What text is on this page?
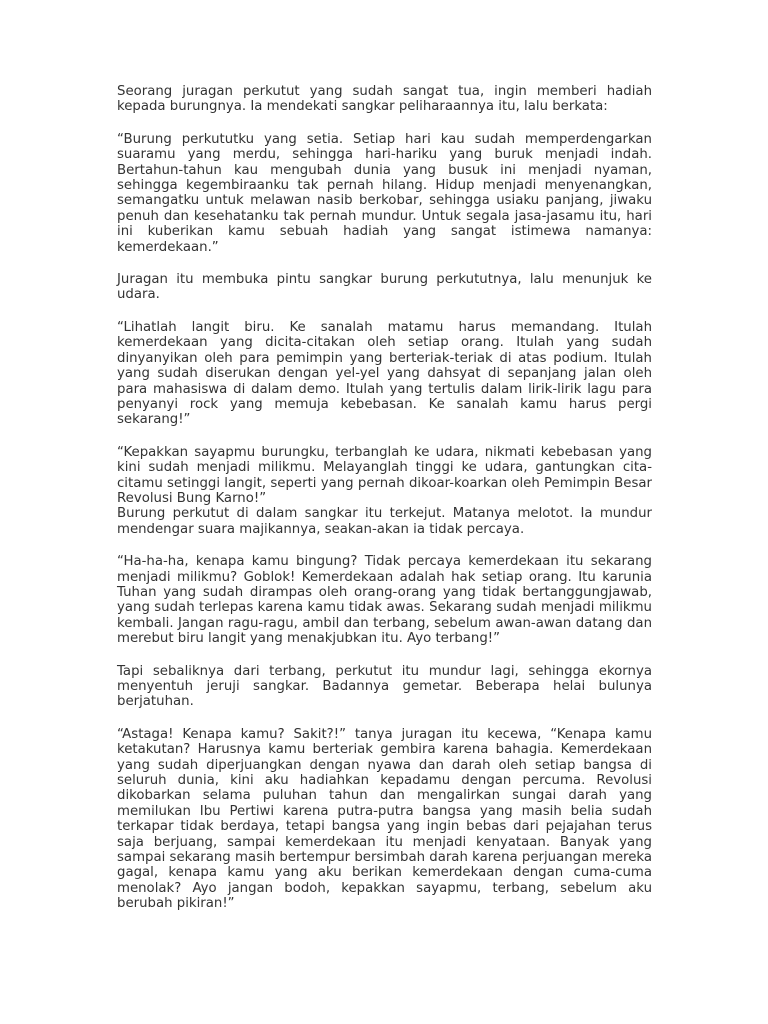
Seorang juragan perkutut yang sudah sangat tua, ingin memberi hadiah kepada burungnya. Ia mendekati sangkar peliharaannya itu, lalu berkata:

“Burung perkututku yang setia. Setiap hari kau sudah memperdengarkan suaramu yang merdu, sehingga hari-hariku yang buruk menjadi indah. Bertahun-tahun kau mengubah dunia yang busuk ini menjadi nyaman, sehingga kegembiraanku tak pernah hilang. Hidup menjadi menyenangkan, semangatku untuk melawan nasib berkobar, sehingga usiaku panjang, jiwaku penuh dan kesehatanku tak pernah mundur. Untuk segala jasa-jasamu itu, hari ini kuberikan kamu sebuah hadiah yang sangat istimewa namanya: kemerdekaan.”

Juragan itu membuka pintu sangkar burung perkututnya, lalu menunjuk ke udara.

“Lihatlah langit biru. Ke sanalah matamu harus memandang. Itulah kemerdekaan yang dicita-citakan oleh setiap orang. Itulah yang sudah dinyanyikan oleh para pemimpin yang berteriak-teriak di atas podium. Itulah yang sudah diserukan dengan yel-yel yang dahsyat di sepanjang jalan oleh para mahasiswa di dalam demo. Itulah yang tertulis dalam lirik-lirik lagu para penyanyi rock yang memuja kebebasan. Ke sanalah kamu harus pergi sekarang!”

“Kepakkan sayapmu burungku, terbanglah ke udara, nikmati kebebasan yang kini sudah menjadi milikmu. Melayanglah tinggi ke udara, gantungkan cita-citamu setinggi langit, seperti yang pernah dikoar-koarkan oleh Pemimpin Besar Revolusi Bung Karno!”

Burung perkutut di dalam sangkar itu terkejut. Matanya melotot. Ia mundur mendengar suara majikannya, seakan-akan ia tidak percaya.

“Ha-ha-ha, kenapa kamu bingung? Tidak percaya kemerdekaan itu sekarang menjadi milikmu? Goblok! Kemerdekaan adalah hak setiap orang. Itu karunia Tuhan yang sudah dirampas oleh orang-orang yang tidak bertanggungjawab, yang sudah terlepas karena kamu tidak awas. Sekarang sudah menjadi milikmu kembali. Jangan ragu-ragu, ambil dan terbang, sebelum awan-awan datang dan merebut biru langit yang menakjubkan itu. Ayo terbang!”

Tapi sebaliknya dari terbang, perkutut itu mundur lagi, sehingga ekornya menyentuh jeruji sangkar. Badannya gemetar. Beberapa helai bulunya berjatuhan.

“Astaga! Kenapa kamu? Sakit?!” tanya juragan itu kecewa, “Kenapa kamu ketakutan? Harusnya kamu berteriak gembira karena bahagia. Kemerdekaan yang sudah diperjuangkan dengan nyawa dan darah oleh setiap bangsa di seluruh dunia, kini aku hadiahkan kepadamu dengan percuma. Revolusi dikobarkan selama puluhan tahun dan mengalirkan sungai darah yang memilukan Ibu Pertiwi karena putra-putra bangsa yang masih belia sudah terkapar tidak berdaya, tetapi bangsa yang ingin bebas dari pejajahan terus saja berjuang, sampai kemerdekaan itu menjadi kenyataan. Banyak yang sampai sekarang masih bertempur bersimbah darah karena perjuangan mereka gagal, kenapa kamu yang aku berikan kemerdekaan dengan cuma-cuma menolak? Ayo jangan bodoh, kepakkan sayapmu, terbang, sebelum aku berubah pikiran!”
